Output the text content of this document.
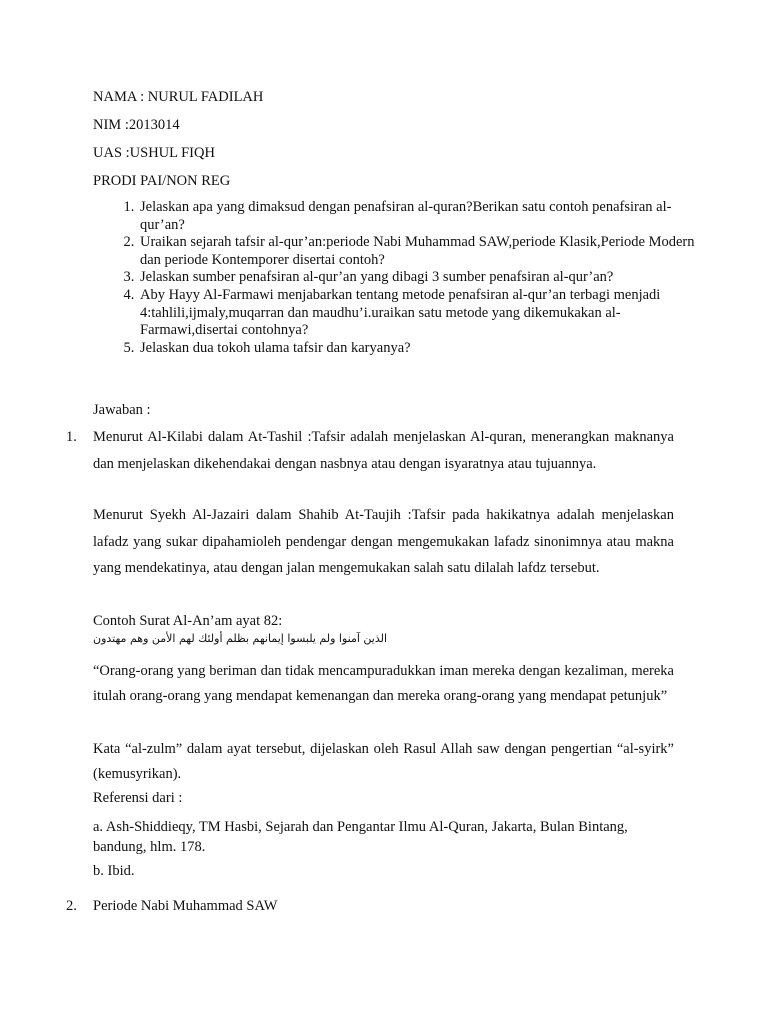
NAMA : NURUL FADILAH

NIM :2013014

UAS :USHUL FIQH

PRODI PAI/NON REG

1. Jelaskan apa yang dimaksud dengan penafsiran al-quran?Berikan satu contoh penafsiran al-qur’an?
2. Uraikan sejarah tafsir al-qur’an:periode Nabi Muhammad SAW,periode Klasik,Periode Modern dan periode Kontemporer disertai contoh?
3. Jelaskan sumber penafsiran al-qur’an yang dibagi 3 sumber penafsiran al-qur’an?
4. Aby Hayy Al-Farmawi menjabarkan tentang metode penafsiran al-qur’an terbagi menjadi 4:tahlili,ijmaly,muqarran dan maudhu’i.uraikan satu metode yang dikemukakan al-Farmawi,disertai contohnya?
5. Jelaskan dua tokoh ulama tafsir dan karyanya?
Jawaban :
1. Menurut Al-Kilabi dalam At-Tashil :Tafsir adalah menjelaskan Al-quran, menerangkan maknanya dan menjelaskan dikehendakai dengan nasbnya atau dengan isyaratnya atau tujuannya.

Menurut Syekh Al-Jazairi dalam Shahib At-Taujih :Tafsir pada hakikatnya adalah menjelaskan lafadz yang sukar dipahamioleh pendengar dengan mengemukakan lafadz sinonimnya atau makna yang mendekatinya, atau dengan jalan mengemukakan salah satu dilalah lafdz tersebut.

Contoh Surat Al-An’am ayat 82:

الذين آمنوا ولم يلبسوا إيمانهم بظلم أولئك لهم الأمن وهم مهتدون

“Orang-orang yang beriman dan tidak mencampuradukkan iman mereka dengan kezaliman, mereka itulah orang-orang yang mendapat kemenangan dan mereka orang-orang yang mendapat petunjuk”

Kata “al-zulm” dalam ayat tersebut, dijelaskan oleh Rasul Allah saw dengan pengertian “al-syirk” (kemusyrikan).

Referensi dari :

a. Ash-Shiddieqy, TM Hasbi, Sejarah dan Pengantar Ilmu Al-Quran, Jakarta, Bulan Bintang, bandung, hlm. 178.

b. Ibid.

2. Periode Nabi Muhammad SAW
